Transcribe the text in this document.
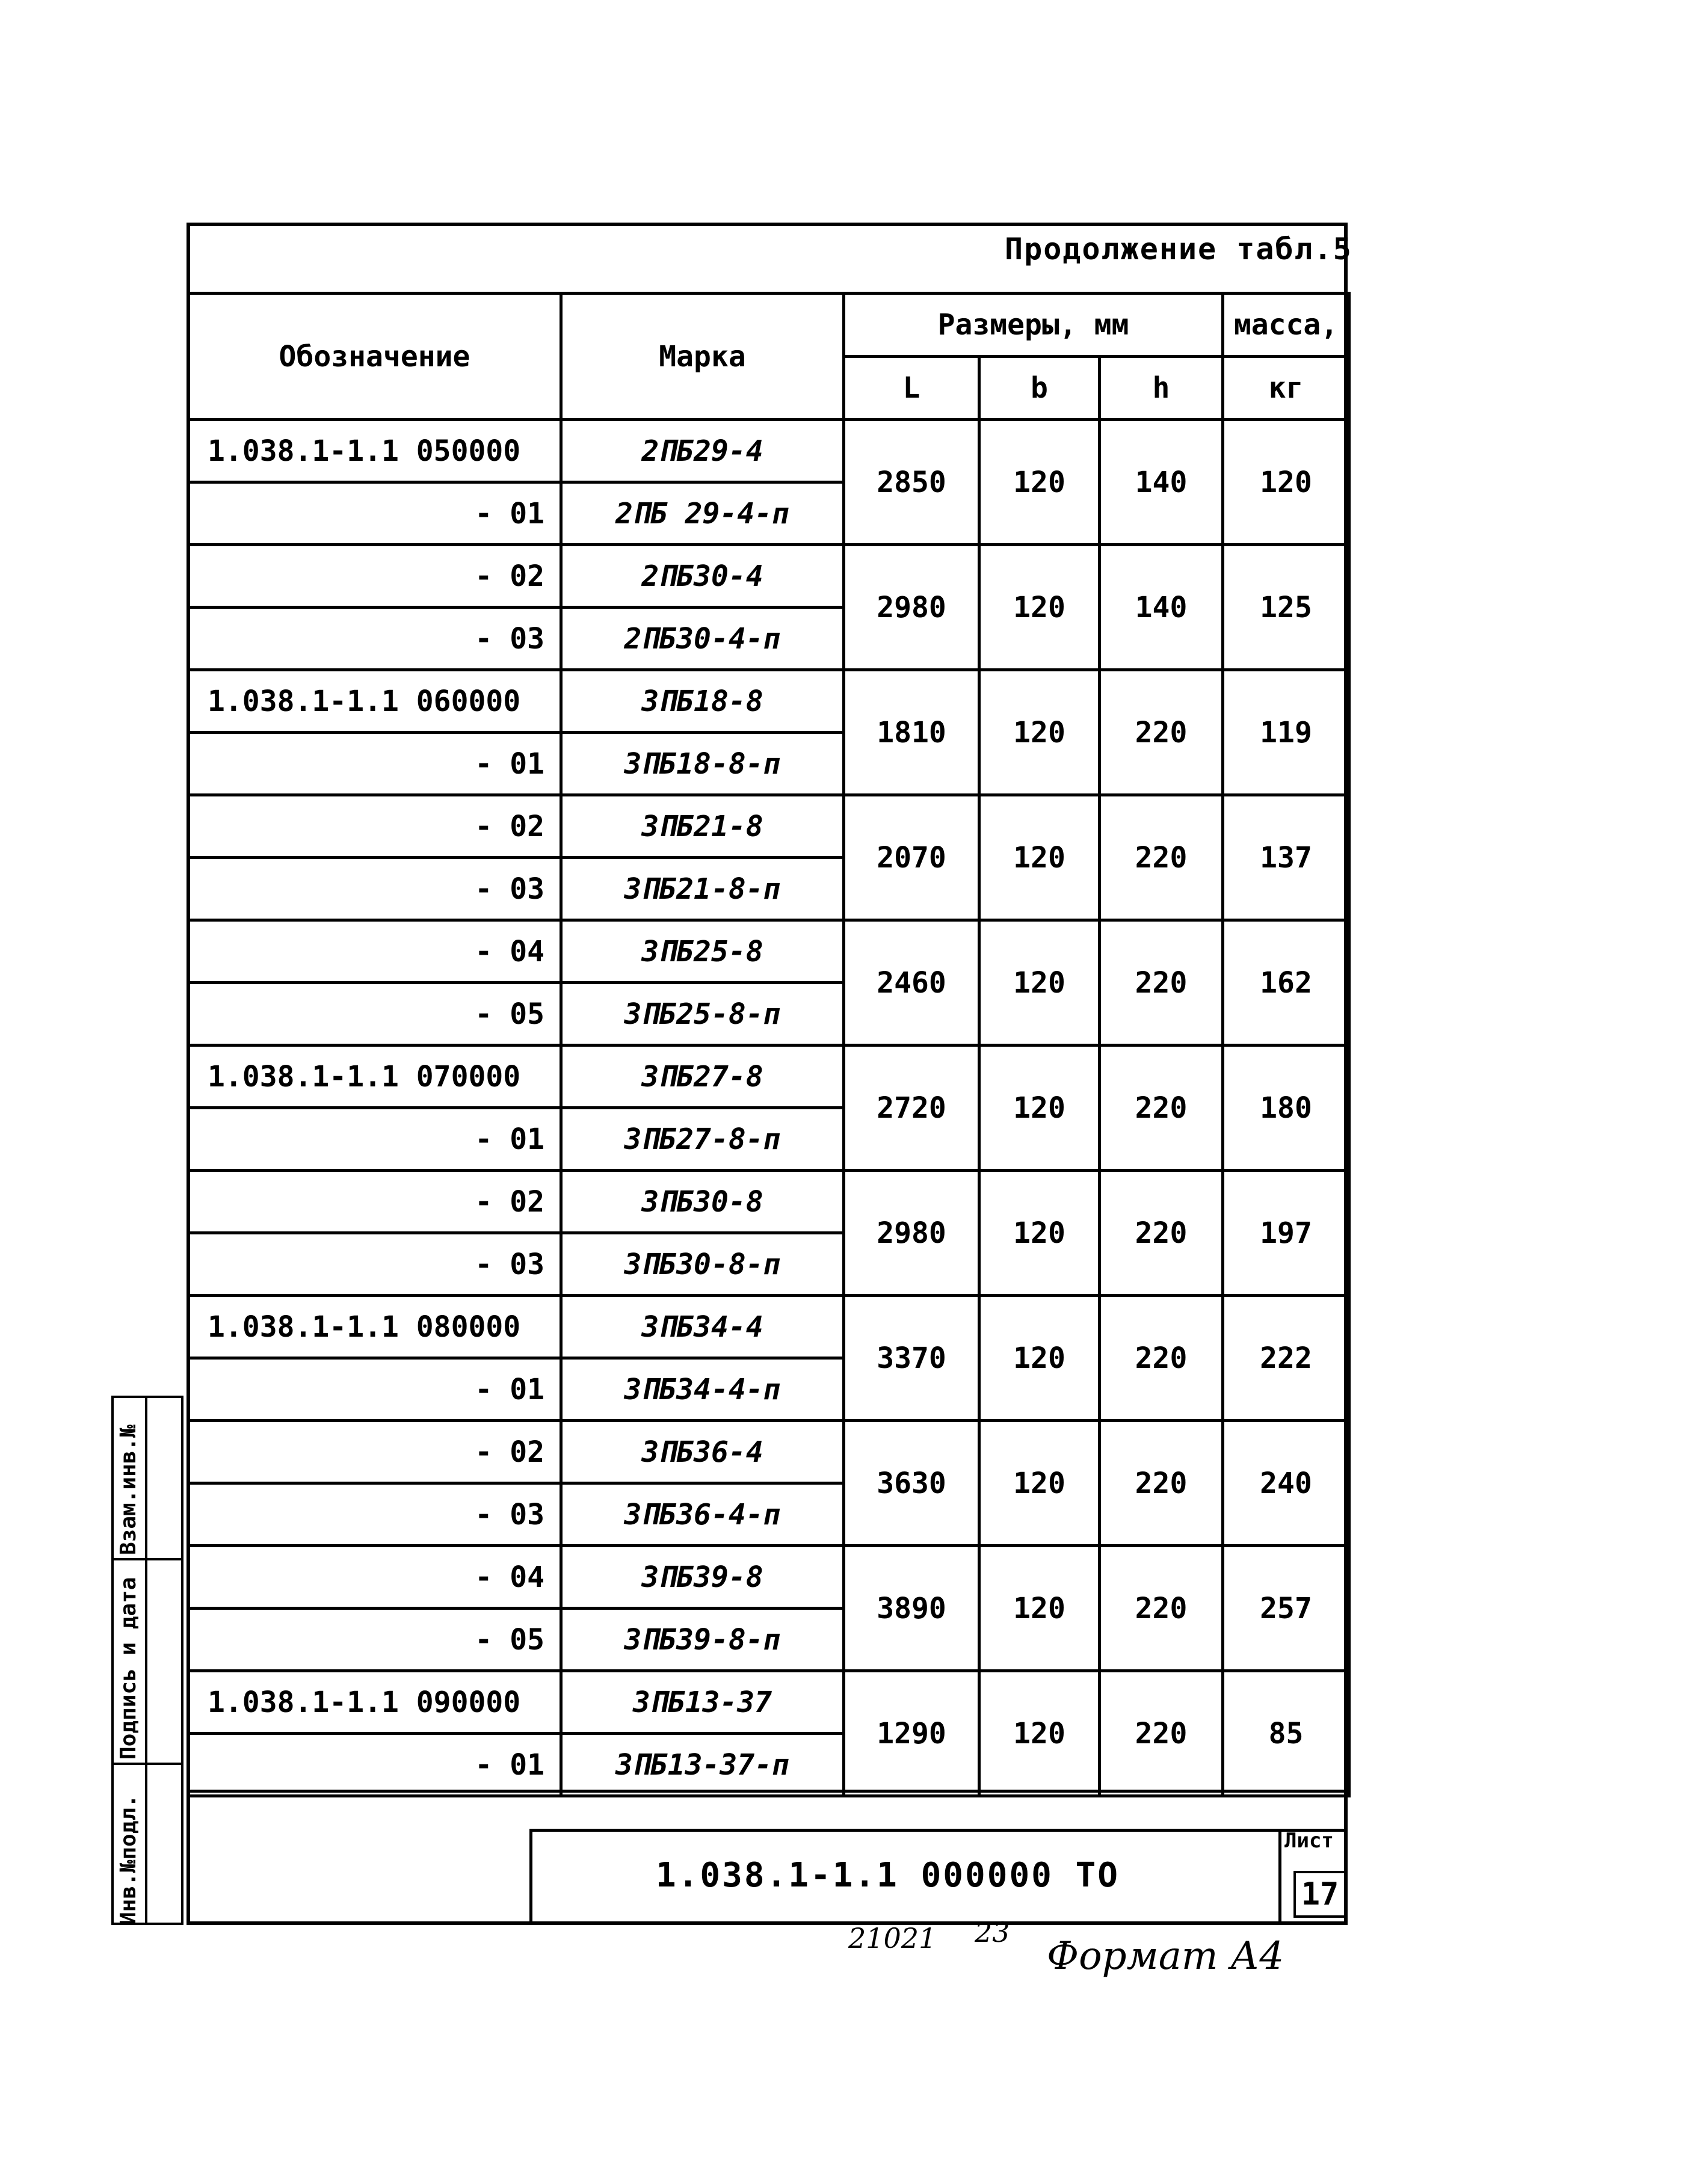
Продолжение табл.5
Обозначение	Марка	Размеры, мм			масса,
		L	b	h	кг
1.038.1-1.1 050000	2ПБ29-4	2850	120	140	120
- 01	2ПБ 29-4-п				
- 02	2ПБ30-4	2980	120	140	125
- 03	2ПБ30-4-п				
1.038.1-1.1 060000	3ПБ18-8	1810	120	220	119
- 01	3ПБ18-8-п				
- 02	3ПБ21-8	2070	120	220	137
- 03	3ПБ21-8-п				
- 04	3ПБ25-8	2460	120	220	162
- 05	3ПБ25-8-п				
1.038.1-1.1 070000	3ПБ27-8	2720	120	220	180
- 01	3ПБ27-8-п				
- 02	3ПБ30-8	2980	120	220	197
- 03	3ПБ30-8-п				
1.038.1-1.1 080000	3ПБ34-4	3370	120	220	222
- 01	3ПБ34-4-п				
- 02	3ПБ36-4	3630	120	220	240
- 03	3ПБ36-4-п				
- 04	3ПБ39-8	3890	120	220	257
- 05	3ПБ39-8-п				
1.038.1-1.1 090000	3ПБ13-37	1290	120	220	85
- 01	3ПБ13-37-п				
Инв.№подл.
Подпись и дата
Взам.инв.№
1.038.1-1.1 000000 ТО
Лист
17
21021 23
Формат А4
